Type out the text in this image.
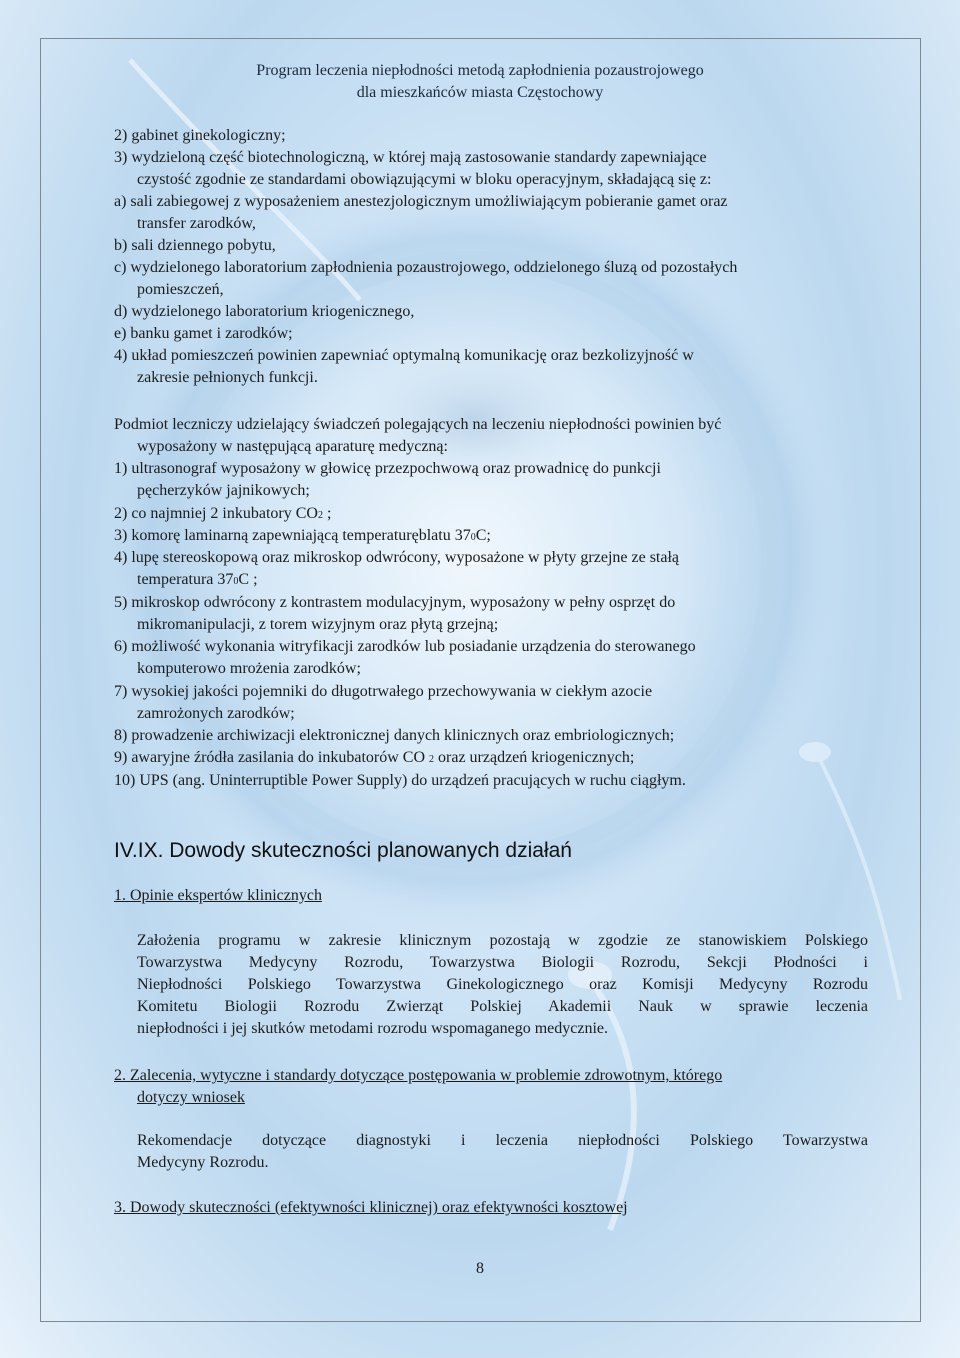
Program leczenia niepłodności metodą zapłodnienia pozaustrojowego
dla mieszkańców miasta Częstochowy
2) gabinet ginekologiczny;
3) wydzieloną część biotechnologiczną, w której mają zastosowanie standardy zapewniające
czystość zgodnie ze standardami obowiązującymi w bloku operacyjnym, składającą się z:
a) sali zabiegowej z wyposażeniem anestezjologicznym umożliwiającym pobieranie gamet oraz
transfer zarodków,
b) sali dziennego pobytu,
c) wydzielonego laboratorium zapłodnienia pozaustrojowego, oddzielonego śluzą od pozostałych
pomieszczeń,
d) wydzielonego laboratorium kriogenicznego,
e) banku gamet i zarodków;
4) układ pomieszczeń powinien zapewniać optymalną komunikację oraz bezkolizyjność w
zakresie pełnionych funkcji.
Podmiot leczniczy udzielający świadczeń polegających na leczeniu niepłodności powinien być
wyposażony w następującą aparaturę medyczną:
1) ultrasonograf wyposażony w głowicę przezpochwową oraz prowadnicę do punkcji
pęcherzyków jajnikowych;
2) co najmniej 2 inkubatory CO2 ;
3) komorę laminarną zapewniającą temperaturęblatu 370C;
4) lupę stereoskopową oraz mikroskop odwrócony, wyposażone w płyty grzejne ze stałą
temperatura 370C ;
5) mikroskop odwrócony z kontrastem modulacyjnym, wyposażony w pełny osprzęt do
mikromanipulacji, z torem wizyjnym oraz płytą grzejną;
6) możliwość wykonania witryfikacji zarodków lub posiadanie urządzenia do sterowanego
komputerowo mrożenia zarodków;
7) wysokiej jakości pojemniki do długotrwałego przechowywania w ciekłym azocie
zamrożonych zarodków;
8) prowadzenie archiwizacji elektronicznej danych klinicznych oraz embriologicznych;
9) awaryjne źródła zasilania do inkubatorów CO 2 oraz urządzeń kriogenicznych;
10) UPS (ang. Uninterruptible Power Supply) do urządzeń pracujących w ruchu ciągłym.
IV.IX. Dowody skuteczności planowanych działań
1. Opinie ekspertów klinicznych
Założenia programu w zakresie klinicznym pozostają w zgodzie ze stanowiskiem Polskiego
Towarzystwa Medycyny Rozrodu, Towarzystwa Biologii Rozrodu, Sekcji Płodności i
Niepłodności Polskiego Towarzystwa Ginekologicznego oraz Komisji Medycyny Rozrodu
Komitetu Biologii Rozrodu Zwierząt Polskiej Akademii Nauk w sprawie leczenia
niepłodności i jej skutków metodami rozrodu wspomaganego medycznie.
2. Zalecenia, wytyczne i standardy dotyczące postępowania w problemie zdrowotnym, którego
dotyczy wniosek
Rekomendacje dotyczące diagnostyki i leczenia niepłodności Polskiego Towarzystwa
Medycyny Rozrodu.
3. Dowody skuteczności (efektywności klinicznej) oraz efektywności kosztowej
8
